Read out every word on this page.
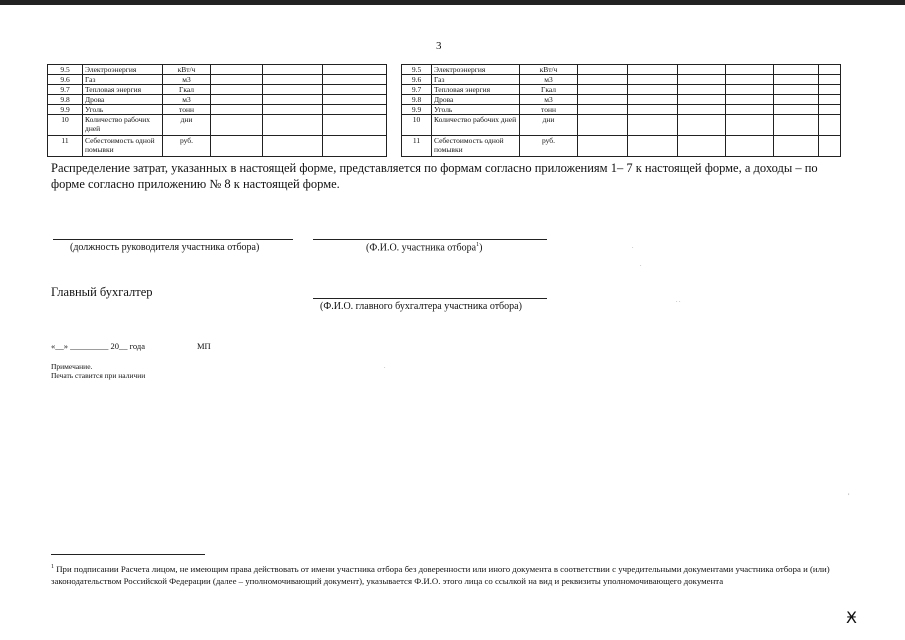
3
9.5	Электроэнергия	кВт/ч				
9.6	Газ	м3				
9.7	Тепловая энергия	Гкал				
9.8	Дрова	м3				
9.9	Уголь	тонн				
10	Количество рабочих дней	дни				
11	Себестоимость одной помывки	руб.				
9.5	Электроэнергия	кВт/ч						
9.6	Газ	м3						
9.7	Тепловая энергия	Гкал						
9.8	Дрова	м3						
9.9	Уголь	тонн						
10	Количество рабочих дней	дни						
11	Себестоимость одной помывки	руб.						
Распределение затрат, указанных в настоящей форме, представляется по формам согласно приложениям 1– 7 к настоящей форме, а доходы – по форме согласно приложению № 8 к настоящей форме.
(должность руководителя участника отбора)	(Ф.И.О. участника отбора$^1$)
Главный бухгалтер
(Ф.И.О. главного бухгалтера участника отбора)
«__» _________ 20__ года	МП
Примечание.
Печать ставится при наличии
$^1$ При подписании Расчета лицом, не имеющим права действовать от имени участника отбора без доверенности или иного документа в соответствии с учредительными документами участника отбора и (или) законодательством Российской Федерации (далее – уполномочивающий документ), указывается Ф.И.О. этого лица со ссылкой на вид и реквизиты уполномочивающего документа
Ӿ
.
.
. .
.
,
